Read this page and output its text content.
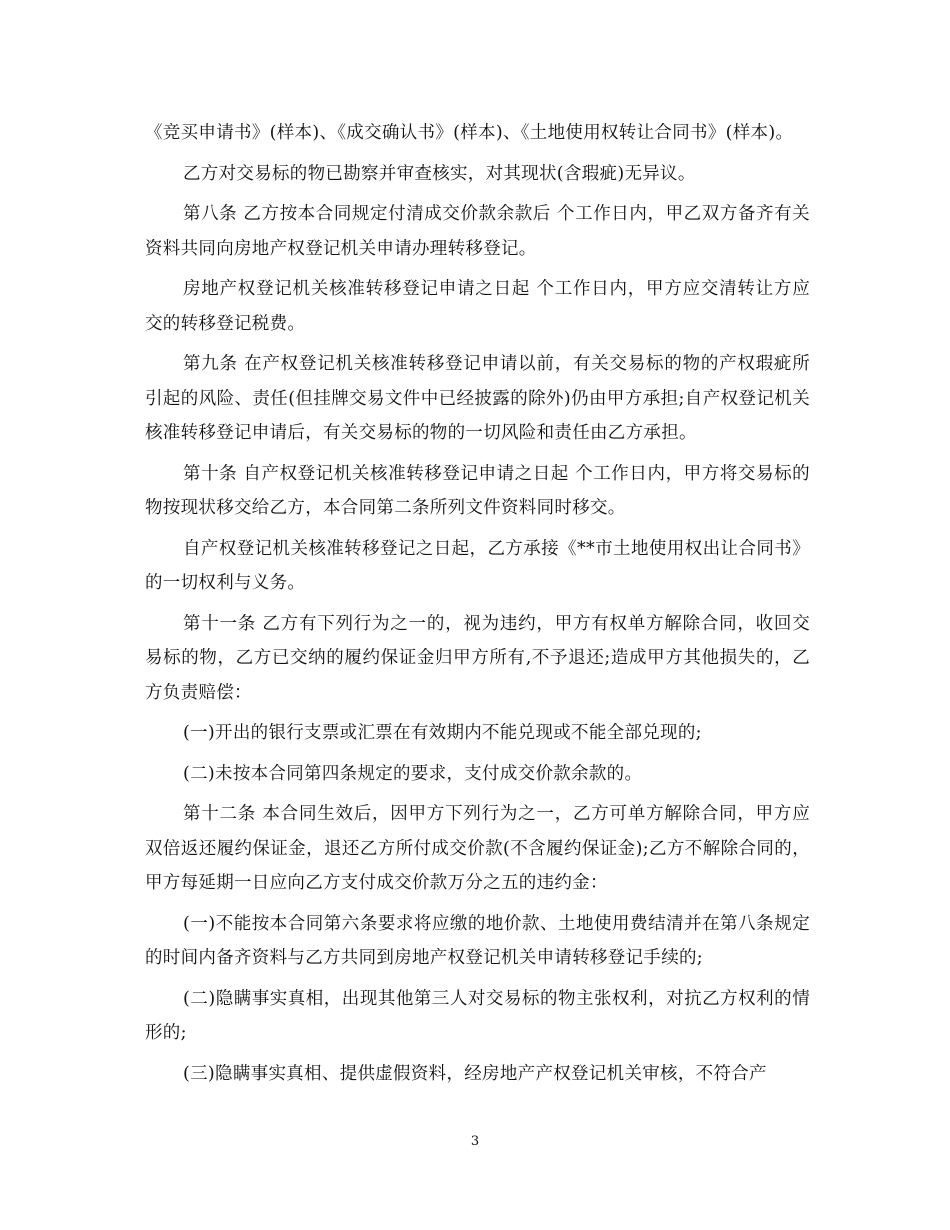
《竞买申请书》(样本)、《成交确认书》(样本)、《土地使用权转让合同书》(样本)。

乙方对交易标的物已勘察并审查核实，对其现状(含瑕疵)无异议。

第八条 乙方按本合同规定付清成交价款余款后 个工作日内，甲乙双方备齐有关资料共同向房地产权登记机关申请办理转移登记。

房地产权登记机关核准转移登记申请之日起 个工作日内，甲方应交清转让方应交的转移登记税费。

第九条 在产权登记机关核准转移登记申请以前，有关交易标的物的产权瑕疵所引起的风险、责任(但挂牌交易文件中已经披露的除外)仍由甲方承担;自产权登记机关核准转移登记申请后，有关交易标的物的一切风险和责任由乙方承担。

第十条 自产权登记机关核准转移登记申请之日起 个工作日内，甲方将交易标的物按现状移交给乙方，本合同第二条所列文件资料同时移交。

自产权登记机关核准转移登记之日起，乙方承接《**市土地使用权出让合同书》的一切权利与义务。

第十一条 乙方有下列行为之一的，视为违约，甲方有权单方解除合同，收回交易标的物，乙方已交纳的履约保证金归甲方所有,不予退还;造成甲方其他损失的，乙方负责赔偿：

(一)开出的银行支票或汇票在有效期内不能兑现或不能全部兑现的;

(二)未按本合同第四条规定的要求，支付成交价款余款的。

第十二条 本合同生效后，因甲方下列行为之一，乙方可单方解除合同，甲方应双倍返还履约保证金，退还乙方所付成交价款(不含履约保证金);乙方不解除合同的，甲方每延期一日应向乙方支付成交价款万分之五的违约金：

(一)不能按本合同第六条要求将应缴的地价款、土地使用费结清并在第八条规定的时间内备齐资料与乙方共同到房地产权登记机关申请转移登记手续的;

(二)隐瞒事实真相，出现其他第三人对交易标的物主张权利，对抗乙方权利的情形的;

(三)隐瞒事实真相、提供虚假资料，经房地产产权登记机关审核，不符合产

3
